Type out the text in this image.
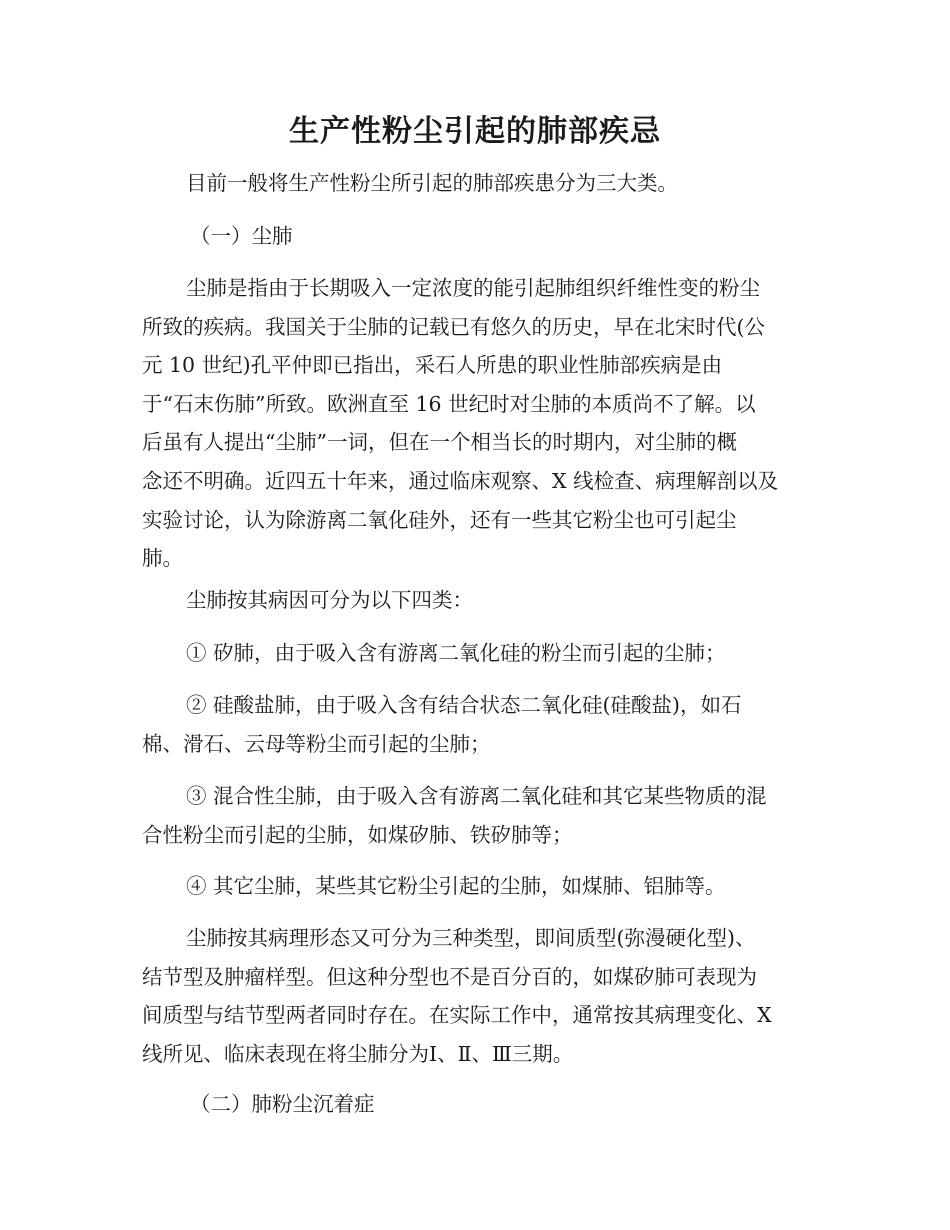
生产性粉尘引起的肺部疾忌
目前一般将生产性粉尘所引起的肺部疾患分为三大类。
（一）尘肺
尘肺是指由于长期吸入一定浓度的能引起肺组织纤维性变的粉尘
所致的疾病。我国关于尘肺的记载已有悠久的历史，早在北宋时代(公
元 10 世纪)孔平仲即已指出，采石人所患的职业性肺部疾病是由
于“石末伤肺”所致。欧洲直至 16 世纪时对尘肺的本质尚不了解。以
后虽有人提出“尘肺”一词，但在一个相当长的时期内，对尘肺的概
念还不明确。近四五十年来，通过临床观察、X 线检查、病理解剖以及
实验讨论，认为除游离二氧化硅外，还有一些其它粉尘也可引起尘
肺。
尘肺按其病因可分为以下四类：
① 矽肺，由于吸入含有游离二氧化硅的粉尘而引起的尘肺；
② 硅酸盐肺，由于吸入含有结合状态二氧化硅(硅酸盐)，如石
棉、滑石、云母等粉尘而引起的尘肺；
③ 混合性尘肺，由于吸入含有游离二氧化硅和其它某些物质的混
合性粉尘而引起的尘肺，如煤矽肺、铁矽肺等；
④ 其它尘肺，某些其它粉尘引起的尘肺，如煤肺、铝肺等。
尘肺按其病理形态又可分为三种类型，即间质型(弥漫硬化型)、
结节型及肿瘤样型。但这种分型也不是百分百的，如煤矽肺可表现为
间质型与结节型两者同时存在。在实际工作中，通常按其病理变化、X
线所见、临床表现在将尘肺分为Ⅰ、Ⅱ、Ⅲ三期。
（二）肺粉尘沉着症
